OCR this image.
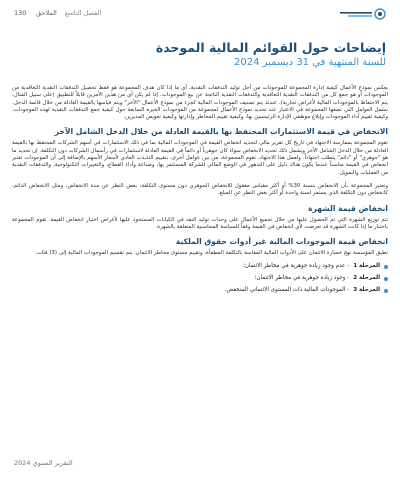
130	الفصل التاسع
الملاحق
إيضاحات حول القوائم المالية الموحدة
للسنة المنتهية في 31 ديسمبر 2024

يعكس نموذج الأعمال كيفية إدارة المجموعة للموجودات من أجل توليد التدفقات النقدية، أي ما إذا كان هدف المجموعة هو فقط تحصيل التدفقات النقدية التعاقدية من الموجودات أو هو جمع كل من التدفقات النقدية التعاقدية والتدفقات النقدية الناتجة عن بيع الموجودات. إذا لم يكن أي من هذين الأمرين قابلاً للتطبيق (على سبيل المثال، يتم الاحتفاظ بالموجودات المالية لأغراض تجارية)، عندئذ يتم تصنيف الموجودات المالية كجزء من نموذج الأعمال "الآخر" ويتم قياسها بالقيمة العادلة من خلال قائمة الدخل. تشمل العوامل التي تضعها المجموعة في الاعتبار عند تحديد نموذج الأعمال لمجموعة من الموجودات الخبرة السابقة حول كيفية جمع التدفقات النقدية لهذه الموجودات، وكيفية تقييم أداء الموجودات وإبلاغ موظفي الإدارة الرئيسيين بها، وكيفية تقييم المخاطر وإدارتها وكيفية تعويض المديرين.

الانخفاض في قيمة الاستثمارات المحتفظ بها بالقيمة العادلة من خلال الدخل الشامل الآخر

تقوم المجموعة بممارسة الاجتهاد في تاريخ كل تقرير مالي لتحديد انخفاض القيمة في الموجودات المالية بما في ذلك الاستثمارات في أسهم الشركات المحتفظ بها بالقيمة العادلة من خلال الدخل الشامل الآخر ويشمل ذلك تحديد الانخفاض سواء كان جوهرياً أو دائماً في القيمة العادلة لاستثمارات في رأسمال الشركات دون التكلفة. إن تحديد ما هو "جوهري" أو "دائم" يتطلب اجتهاداً. ولعمل هذا الاجتهاد، تقوم المجموعة، من بين عوامل أخرى، بتقييم التذبذب العادي لأسعار الأسهم بالإضافة إلى أن الموجودات تعتبر انخفاض في القيمة مناسباً عندما يكون هناك دليل على التدهور في الوضع المالي للشركة المستثمر بها، وصناعة وأداء القطاع، والتغييرات التكنولوجية، والتدفقات النقدية من العمليات والتمويل.

وتعتبر المجموعة بأن الانخفاض بنسبة 30% أو أكثر مقياس معقول للانخفاض الجوهري دون مستوى التكلفة، بغض النظر عن مدة الانخفاض، ومثل الانخفاض الدائم، كانخفاض دون التكلفة الذي يستمر لسنة واحدة أو أكثر بغض النظر عن المبلغ.

انخفاض قيمة الشهرة

تتم توزيع الشهرة التي تم الحصول عليها من خلال تجميع الأعمال على وحدات توليد النقد في الكيانات المستحوذ عليها لأغراض اختبار انخفاض القيمة. تقوم المجموعة باختبار ما إذا كانت الشهرة قد تعرضت لأي انخفاض في القيمة وفقاً للسياسة المحاسبية المتعلقة بالشهرة.

انخفاض قيمة الموجودات المالية غير أدوات حقوق الملكية

تطبق المؤسسة نهج خسارة الائتمان على الأدوات المالية المقاسة بالتكلفة المطفأة، وتقييم مستوى مخاطر الائتمان. يتم تقسيم الموجودات المالية إلى (3) فئات:

المرحلة 1
- عدم وجود زيادة جوهرية في مخاطر الائتمان؛
المرحلة 2
- وجود زيادة جوهرية في مخاطر الائتمان؛
المرحلة 3
- الموجودات المالية ذات المستوى الائتماني المنخفض.
التقرير السنوي 2024
